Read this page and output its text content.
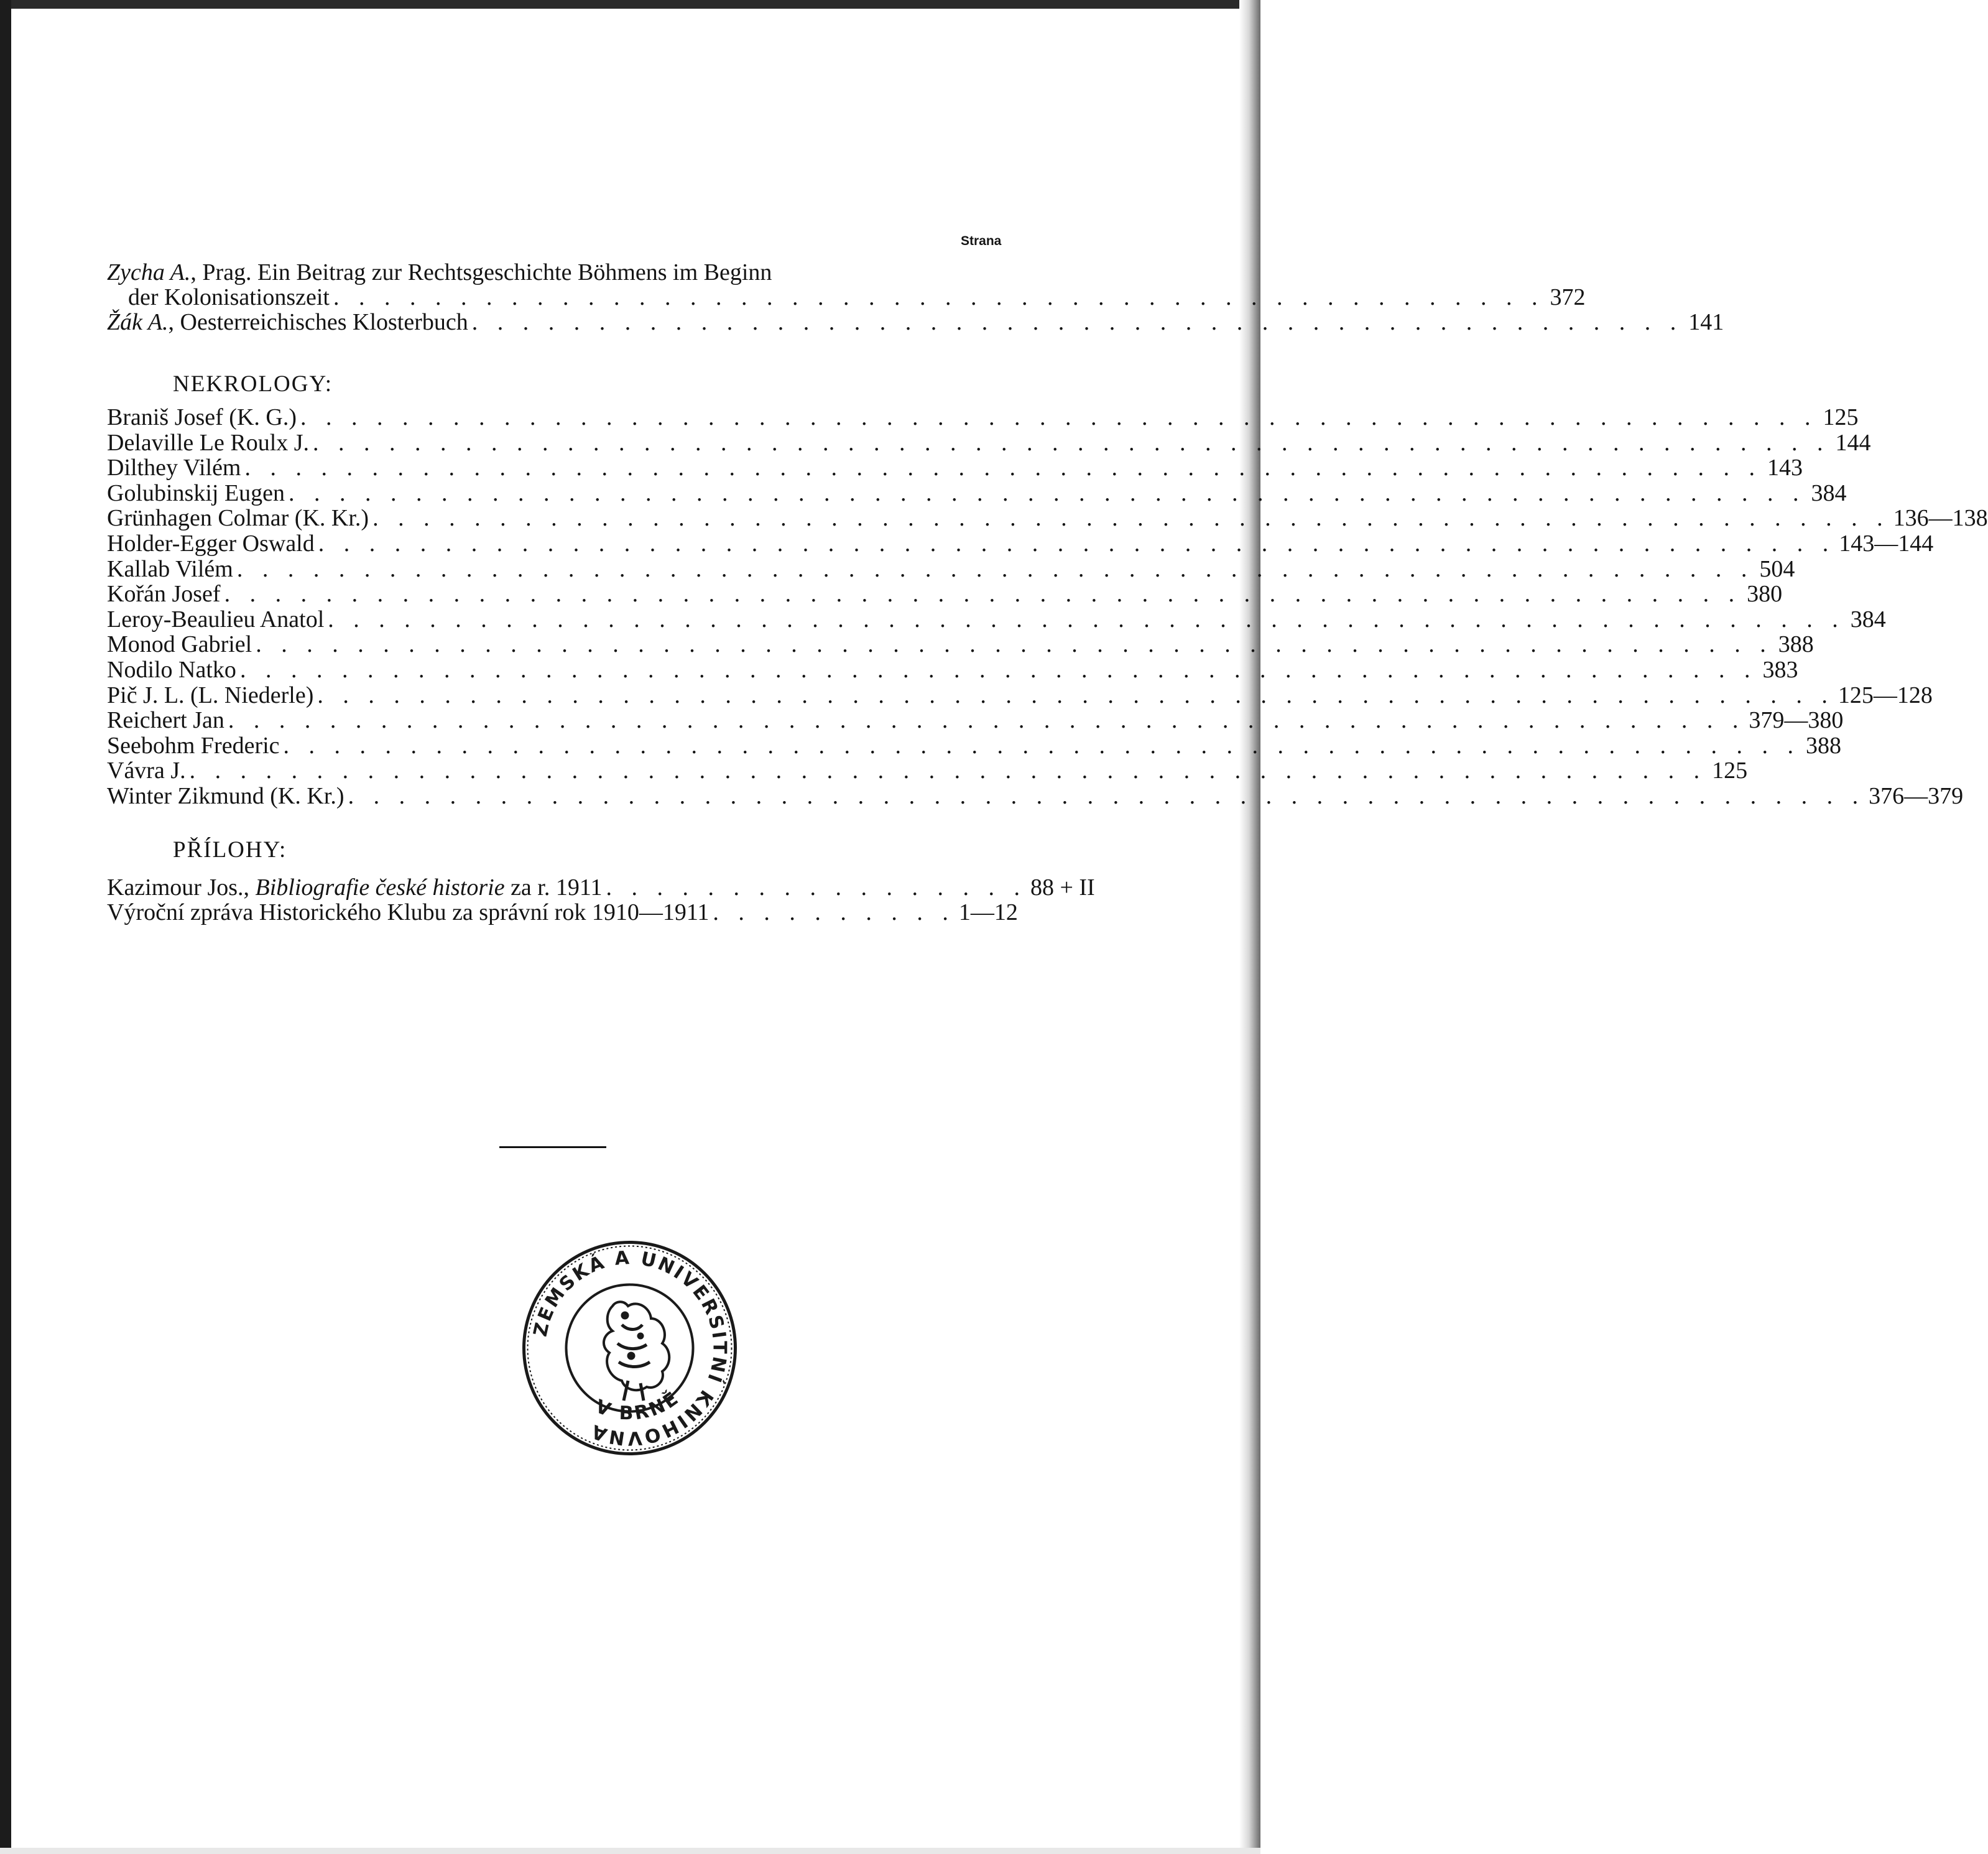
Strana
Zycha A., Prag. Ein Beitrag zur Rechtsgeschichte Böhmens im Beginn
der Kolonisationszeit . . . . . . . . . . . . . . . . . . . . . . . . . . . . . . . . . . . . . . . . . . . . . . . . 372
Žák A., Oesterreichisches Klosterbuch . . . . . . . . . . . . . . . . . . . . . . . . . . . . . . . . . . . . . . . . . . . . . . . . 141
NEKROLOGY:
Braniš Josef (K. G.) . . . . . . . . . . . . . . . . . . . . . . . . . . . . . . . . . . . . . . . . . . . . . . . . . . . . . . . . . . . . 125
Delaville Le Roulx J. . . . . . . . . . . . . . . . . . . . . . . . . . . . . . . . . . . . . . . . . . . . . . . . . . . . . . . . . . . . . 144
Dilthey Vilém . . . . . . . . . . . . . . . . . . . . . . . . . . . . . . . . . . . . . . . . . . . . . . . . . . . . . . . . . . . . 143
Golubinskij Eugen . . . . . . . . . . . . . . . . . . . . . . . . . . . . . . . . . . . . . . . . . . . . . . . . . . . . . . . . . . . . 384
Grünhagen Colmar (K. Kr.) . . . . . . . . . . . . . . . . . . . . . . . . . . . . . . . . . . . . . . . . . . . . . . . . . . . . . . . . . . . . 136—138
Holder-Egger Oswald . . . . . . . . . . . . . . . . . . . . . . . . . . . . . . . . . . . . . . . . . . . . . . . . . . . . . . . . . . . . 143—144
Kallab Vilém . . . . . . . . . . . . . . . . . . . . . . . . . . . . . . . . . . . . . . . . . . . . . . . . . . . . . . . . . . . . 504
Kořán Josef . . . . . . . . . . . . . . . . . . . . . . . . . . . . . . . . . . . . . . . . . . . . . . . . . . . . . . . . . . . . 380
Leroy-Beaulieu Anatol . . . . . . . . . . . . . . . . . . . . . . . . . . . . . . . . . . . . . . . . . . . . . . . . . . . . . . . . . . . . 384
Monod Gabriel . . . . . . . . . . . . . . . . . . . . . . . . . . . . . . . . . . . . . . . . . . . . . . . . . . . . . . . . . . . . 388
Nodilo Natko . . . . . . . . . . . . . . . . . . . . . . . . . . . . . . . . . . . . . . . . . . . . . . . . . . . . . . . . . . . . 383
Pič J. L. (L. Niederle) . . . . . . . . . . . . . . . . . . . . . . . . . . . . . . . . . . . . . . . . . . . . . . . . . . . . . . . . . . . . 125—128
Reichert Jan . . . . . . . . . . . . . . . . . . . . . . . . . . . . . . . . . . . . . . . . . . . . . . . . . . . . . . . . . . . . 379—380
Seebohm Frederic . . . . . . . . . . . . . . . . . . . . . . . . . . . . . . . . . . . . . . . . . . . . . . . . . . . . . . . . . . . . 388
Vávra J. . . . . . . . . . . . . . . . . . . . . . . . . . . . . . . . . . . . . . . . . . . . . . . . . . . . . . . . . . . . . 125
Winter Zikmund (K. Kr.) . . . . . . . . . . . . . . . . . . . . . . . . . . . . . . . . . . . . . . . . . . . . . . . . . . . . . . . . . . . . 376—379
PŘÍLOHY:
Kazimour Jos., Bibliografie české historie za r. 1911 . . . . . . . . . . . . . . . . . 88 + II
Výroční zpráva Historického Klubu za správní rok 1910—1911 . . . . . . . . . . 1—12
ZEMSKÁ A UNIVERSITNÍ KNIHOVNA
V BRNĚ
